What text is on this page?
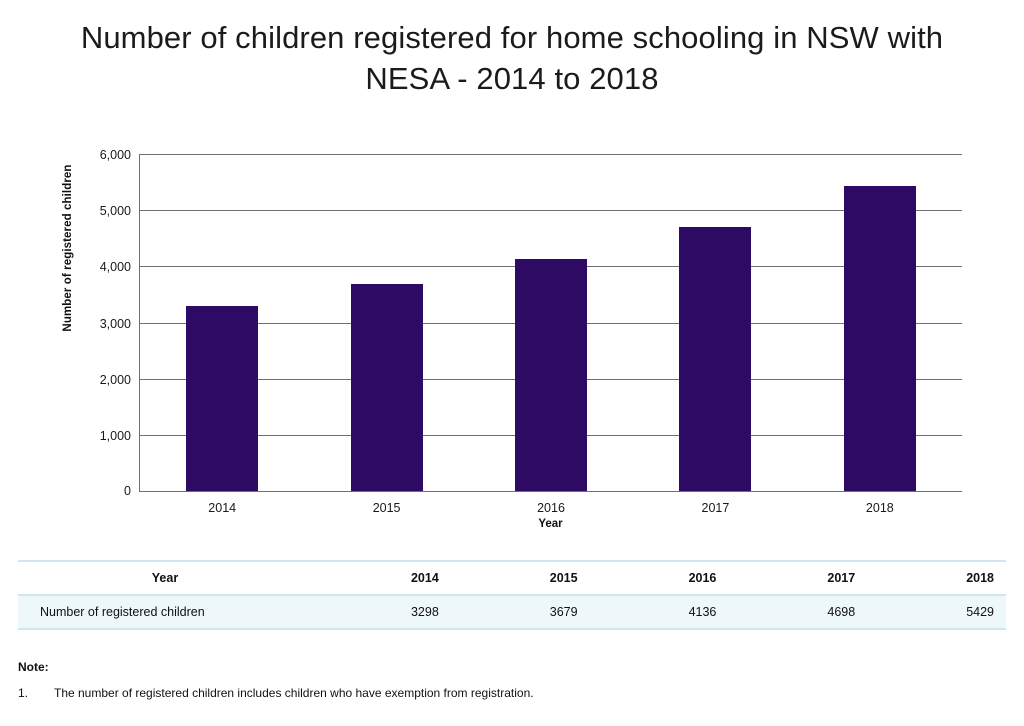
Number of children registered for home schooling in NSW with NESA - 2014 to 2018
Number of registered children
6,000
5,000
4,000
3,000
2,000
1,000
0
2014	2015	2016	2017	2018
Year
Year	2014	2015	2016	2017	2018
Number of registered children	3298	3679	4136	4698	5429
Note:
1.	The number of registered children includes children who have exemption from registration.
